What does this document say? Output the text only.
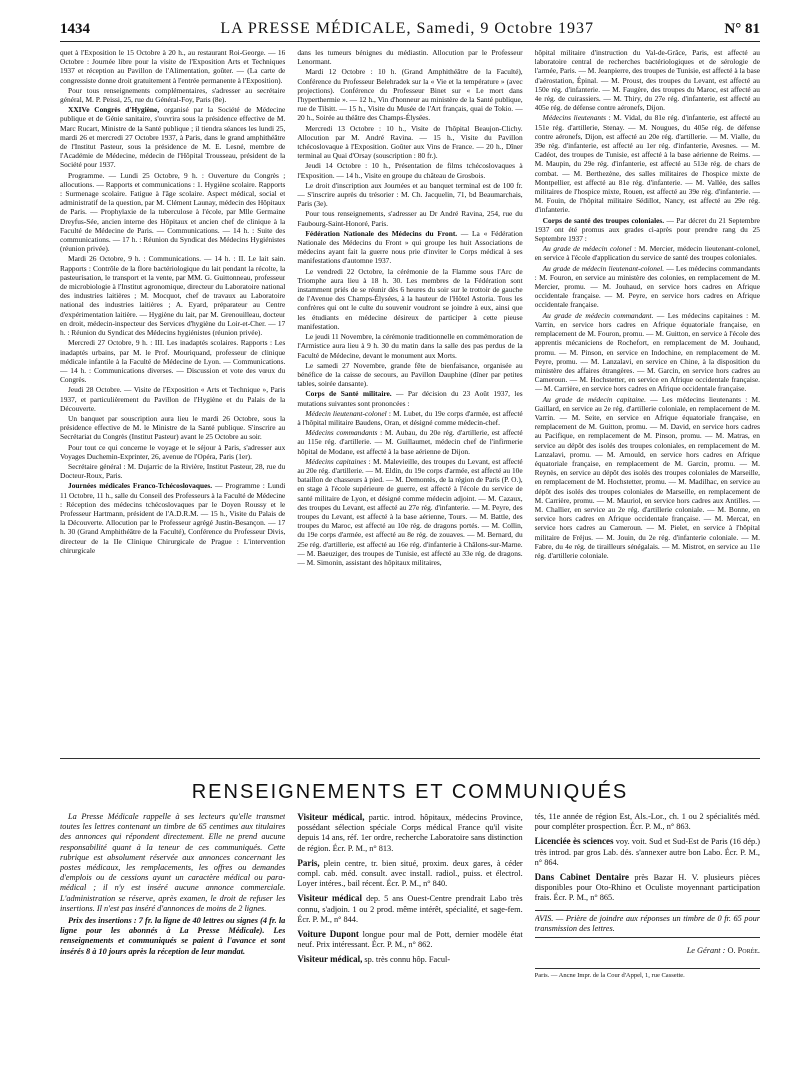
1434	LA PRESSE MÉDICALE, Samedi, 9 Octobre 1937	N° 81

quet à l'Exposition le 15 Octobre à 20 h., au restaurant Roi-George. — 16 Octobre : Journée libre pour la visite de l'Exposition Arts et Techniques 1937 et réception au Pavillon de l'Alimentation, goûter. — (La carte de congressiste donne droit gratuitement à l'entrée permanente à l'Exposition).

Pour tous renseignements complémentaires, s'adresser au secrétaire général, M. P. Peissi, 25, rue du Général-Foy, Paris (8e).

XXIVe Congrès d'Hygiène, organisé par la Société de Médecine publique et de Génie sanitaire, s'ouvrira sous la présidence effective de M. Marc Rucart, Ministre de la Santé publique ; il tiendra séances les lundi 25, mardi 26 et mercredi 27 Octobre 1937, à Paris, dans le grand amphithéâtre de l'Institut Pasteur, sous la présidence de M. E. Lesné, membre de l'Académie de Médecine, médecin de l'Hôpital Trousseau, président de la Société pour 1937.

Programme. — Lundi 25 Octobre, 9 h. : Ouverture du Congrès ; allocutions. — Rapports et communications : 1. Hygiène scolaire. Rapports : Surmenage scolaire. Fatigue à l'âge scolaire. Aspect médical, social et administratif de la question, par M. Clément Launay, médecin des Hôpitaux de Paris. — Prophylaxie de la tuberculose à l'école, par Mlle Germaine Dreyfus-Sée, ancien interne des Hôpitaux et ancien chef de clinique à la Faculté de Médecine de Paris. — Communications. — 14 h. : Suite des communications. — 17 h. : Réunion du Syndicat des Médecins Hygiénistes (réunion privée).

Mardi 26 Octobre, 9 h. : Communications. — 14 h. : II. Le lait sain. Rapports : Contrôle de la flore bactériologique du lait pendant la récolte, la pasteurisation, le transport et la vente, par MM. G. Guittonneau, professeur de microbiologie à l'Institut agronomique, directeur du Laboratoire national des industries laitières ; M. Mocquot, chef de travaux au Laboratoire national des industries laitières ; A. Eyard, préparateur au Centre d'expérimentation laitière. — Hygiène du lait, par M. Grenouilleau, docteur en droit, médecin-inspecteur des Services d'hygiène du Loir-et-Cher. — 17 h. : Réunion du Syndicat des Médecins hygiénistes (réunion privée).

Mercredi 27 Octobre, 9 h. : III. Les inadaptés scolaires. Rapports : Les inadaptés urbains, par M. le Prof. Mouriquand, professeur de clinique médicale infantile à la Faculté de Médecine de Lyon. — Communications. — 14 h. : Communications diverses. — Discussion et vote des vœux du Congrès.

Jeudi 28 Octobre. — Visite de l'Exposition « Arts et Technique », Paris 1937, et particulièrement du Pavillon de l'Hygiène et du Palais de la Découverte.

Un banquet par souscription aura lieu le mardi 26 Octobre, sous la présidence effective de M. le Ministre de la Santé publique. S'inscrire au Secrétariat du Congrès (Institut Pasteur) avant le 25 Octobre au soir.

Pour tout ce qui concerne le voyage et le séjour à Paris, s'adresser aux Voyages Duchemin-Exprinter, 26, avenue de l'Opéra, Paris (1er).

Secrétaire général : M. Dujarric de la Rivière, Institut Pasteur, 28, rue du Docteur-Roux, Paris.

Journées médicales Franco-Tchécoslovaques. — Programme : Lundi 11 Octobre, 11 h., salle du Conseil des Professeurs à la Faculté de Médecine : Réception des médecins tchécoslovaques par le Doyen Roussy et le Professeur Hartmann, président de l'A.D.R.M. — 15 h., Visite du Palais de la Découverte. Allocution par le Professeur agrégé Justin-Besançon. — 17 h. 30 (Grand Amphithéâtre de la Faculté), Conférence du Professeur Divis, directeur de la IIe Clinique Chirurgicale de Prague : L'intervention chirurgicale

dans les tumeurs bénignes du médiastin. Allocution par le Professeur Lenormant.

Mardi 12 Octobre : 10 h. (Grand Amphithéâtre de la Faculté), Conférence du Professeur Belehradek sur la « Vie et la température » (avec projections). Conférence du Professeur Binet sur « Le mort dans l'hyperthermie ». — 12 h., Vin d'honneur au ministère de la Santé publique, rue de Tilsitt. — 15 h., Visite du Musée de l'Art français, quai de Tokio. — 20 h., Soirée au théâtre des Champs-Élysées.

Mercredi 13 Octobre : 10 h., Visite de l'hôpital Beaujon-Clichy. Allocution par M. André Ravina. — 15 h., Visite du Pavillon tchécoslovaque à l'Exposition. Goûter aux Vins de France. — 20 h., Dîner terminal au Quai d'Orsay (souscription : 80 fr.).

Jeudi 14 Octobre : 10 h., Présentation de films tchécoslovaques à l'Exposition. — 14 h., Visite en groupe du château de Grosbois.

Le droit d'inscription aux Journées et au banquet terminal est de 100 fr. — S'inscrire auprès du trésorier : M. Ch. Jacquelin, 71, bd Beaumarchais, Paris (3e).

Pour tous renseignements, s'adresser au Dr André Ravina, 254, rue du Faubourg-Saint-Honoré, Paris.

Fédération Nationale des Médecins du Front. — La « Fédération Nationale des Médecins du Front » qui groupe les huit Associations de médecins ayant fait la guerre nous prie d'inviter le Corps médical à ses manifestations d'automne 1937.

Le vendredi 22 Octobre, la cérémonie de la Flamme sous l'Arc de Triomphe aura lieu à 18 h. 30. Les membres de la Fédération sont instamment priés de se réunir dès 6 heures du soir sur le trottoir de gauche de l'Avenue des Champs-Élysées, à la hauteur de l'Hôtel Astoria. Tous les confrères qui ont le culte du souvenir voudront se joindre à eux, ainsi que les étudiants en médecine désireux de participer à cette pieuse manifestation.

Le jeudi 11 Novembre, la cérémonie traditionnelle en commémoration de l'Armistice aura lieu à 9 h. 30 du matin dans la salle des pas perdus de la Faculté de Médecine, devant le monument aux Morts.

Le samedi 27 Novembre, grande fête de bienfaisance, organisée au bénéfice de la caisse de secours, au Pavillon Dauphine (dîner par petites tables, soirée dansante).

Corps de Santé militaire. — Par décision du 23 Août 1937, les mutations suivantes sont prononcées :

Médecin lieutenant-colonel : M. Lubet, du 19e corps d'armée, est affecté à l'hôpital militaire Baudens, Oran, et désigné comme médecin-chef.

Médecins commandants : M. Aubau, du 20e rég. d'artillerie, est affecté au 115e rég. d'artillerie. — M. Guillaumet, médecin chef de l'infirmerie hôpital de Modane, est affecté à la base aérienne de Dijon.

Médecins capitaines : M. Malevieille, des troupes du Levant, est affecté au 20e rég. d'artillerie. — M. Eldin, du 19e corps d'armée, est affecté au 10e bataillon de chasseurs à pied. — M. Demontès, de la région de Paris (P. O.), en stage à l'école supérieure de guerre, est affecté à l'école du service de santé militaire de Lyon, et désigné comme médecin adjoint. — M. Cazaux, des troupes du Levant, est affecté au 27e rég. d'infanterie. — M. Peyre, des troupes du Levant, est affecté à la base aérienne, Tours. — M. Battle, des troupes du Maroc, est affecté au 10e rég. de dragons portés. — M. Collin, du 19e corps d'armée, est affecté au 8e rég. de zouaves. — M. Bernard, du 25e rég. d'artillerie, est affecté au 16e rég. d'infanterie à Châlons-sur-Marne. — M. Baeuziger, des troupes de Tunisie, est affecté au 33e rég. de dragons. — M. Simonin, assistant des hôpitaux militaires,

hôpital militaire d'instruction du Val-de-Grâce, Paris, est affecté au laboratoire central de recherches bactériologiques et de sérologie de l'armée, Paris. — M. Jeanpierre, des troupes de Tunisie, est affecté à la base d'aérostation, Épinal. — M. Proust, des troupes du Levant, est affecté au 150e rég. d'infanterie. — M. Faugère, des troupes du Maroc, est affecté au 4e rég. de cuirassiers. — M. Thiry, du 27e rég. d'infanterie, est affecté au 405e rég. de défense contre aéronefs, Dijon.

Médecins lieutenants : M. Vidal, du 81e rég. d'infanterie, est affecté au 151e rég. d'artillerie, Stenay. — M. Nougues, du 405e rég. de défense contre aéronefs, Dijon, est affecté au 20e rég. d'artillerie. — M. Vialle, du 39e rég. d'infanterie, est affecté au 1er rég. d'infanterie, Avesnes. — M. Cadéot, des troupes de Tunisie, est affecté à la base aérienne de Reims. — M. Maupin, du 29e rég. d'infanterie, est affecté au 513e rég. de chars de combat. — M. Berthezène, des salles militaires de l'hospice mixte de Montpellier, est affecté au 81e rég. d'infanterie. — M. Vallée, des salles militaires de l'hospice mixte, Rouen, est affecté au 39e rég. d'infanterie. — M. Fouin, de l'hôpital militaire Sédillot, Nancy, est affecté au 29e rég. d'infanterie.

Corps de santé des troupes coloniales. — Par décret du 21 Septembre 1937 ont été promus aux grades ci-après pour prendre rang du 25 Septembre 1937 :

Au grade de médecin colonel : M. Mercier, médecin lieutenant-colonel, en service à l'école d'application du service de santé des troupes coloniales.

Au grade de médecin lieutenant-colonel. — Les médecins commandants : M. Fouron, en service au ministère des colonies, en remplacement de M. Mercier, promu. — M. Jouhaud, en service hors cadres en Afrique occidentale française. — M. Peyre, en service hors cadres en Afrique occidentale française.

Au grade de médecin commandant. — Les médecins capitaines : M. Varrin, en service hors cadres en Afrique équatoriale française, en remplacement de M. Fouron, promu. — M. Guitton, en service à l'école des apprentis mécaniciens de Rochefort, en remplacement de M. Jouhaud, promu. — M. Pinson, en service en Indochine, en remplacement de M. Peyre, promu. — M. Lanzalavi, en service en Chine, à la disposition du ministère des affaires étrangères. — M. Garcin, en service hors cadres au Cameroun. — M. Hochstetter, en service en Afrique occidentale française. — M. Carrière, en service hors cadres en Afrique occidentale française.

Au grade de médecin capitaine. — Les médecins lieutenants : M. Gaillard, en service au 2e rég. d'artillerie coloniale, en remplacement de M. Varrin. — M. Seite, en service en Afrique équatoriale française, en remplacement de M. Guitton, promu. — M. David, en service hors cadres au Pacifique, en remplacement de M. Pinson, promu. — M. Matras, en service au dépôt des isolés des troupes coloniales, en remplacement de M. Lanzalavi, promu. — M. Arnould, en service hors cadres en Afrique équatoriale française, en remplacement de M. Garcin, promu. — M. Reynès, en service au dépôt des isolés des troupes coloniales de Marseille, en remplacement de M. Hochstetter, promu. — M. Madilhac, en service au dépôt des isolés des troupes coloniales de Marseille, en remplacement de M. Carrière, promu. — M. Mauriol, en service hors cadres aux Antilles. — M. Challier, en service au 2e rég. d'artillerie coloniale. — M. Bonne, en service hors cadres en Afrique occidentale française. — M. Mercat, en service hors cadres au Cameroun. — M. Pielet, en service à l'hôpital militaire de Fréjus. — M. Jouin, du 2e rég. d'infanterie coloniale. — M. Fabre, du 4e rég. de tirailleurs sénégalais. — M. Mistrot, en service au 11e rég. d'artillerie coloniale.

RENSEIGNEMENTS ET COMMUNIQUÉS

La Presse Médicale rappelle à ses lecteurs qu'elle transmet toutes les lettres contenant un timbre de 65 centimes aux titulaires des annonces qui répondent directement. Elle ne prend aucune responsabilité quant à la teneur de ces communiqués. Cette rubrique est absolument réservée aux annonces concernant les postes médicaux, les remplacements, les offres ou demandes d'emplois ou de cessions ayant un caractère médical ou para-médical ; il n'y est inséré aucune annonce commerciale. L'administration se réserve, après examen, le droit de refuser les insertions. Il n'est pas inséré d'annonces de moins de 2 lignes.

Prix des insertions : 7 fr. la ligne de 40 lettres ou signes (4 fr. la ligne pour les abonnés à La Presse Médicale). Les renseignements et communiqués se paient à l'avance et sont insérés 8 à 10 jours après la réception de leur mandat.

Visiteur médical, partic. introd. hôpitaux, médecins Province, possédant sélection spéciale Corps médical France qu'il visite depuis 14 ans, réf. 1er ordre, recherche Laboratoire sans distinction de région. Écr. P. M., n° 813.

Paris, plein centre, tr. bien situé, proxim. deux gares, à céder compl. cab. méd. consult. avec install. radiol., puiss. et électrol. Loyer intéres., bail récent. Écr. P. M., n° 840.

Visiteur médical dep. 5 ans Ouest-Centre prendrait Labo très connu, s'adjoin. 1 ou 2 prod. même intérêt, spécialité, et sage-fem. Écr. P. M., n° 844.

Voiture Dupont longue pour mal de Pott, dernier modèle état neuf. Prix intéressant. Écr. P. M., n° 862.

Visiteur médical, sp. très connu hôp. Facul-

tés, 11e année de région Est, Als.-Lor., ch. 1 ou 2 spécialités méd. pour compléter prospection. Écr. P. M., n° 863.

Licenciée ès sciences voy. voit. Sud et Sud-Est de Paris (16 dép.) très introd. par gros Lab. dés. s'annexer autre bon Labo. Écr. P. M., n° 864.

Dans Cabinet Dentaire près Bazar H. V. plusieurs pièces disponibles pour Oto-Rhino et Oculiste moyennant participation frais. Écr. P. M., n° 865.

AVIS. — Prière de joindre aux réponses un timbre de 0 fr. 65 pour transmission des lettres.
Le Gérant : O. Porée.
Paris. — Ancne Impr. de la Cour d'Appel, 1, rue Cassette.
